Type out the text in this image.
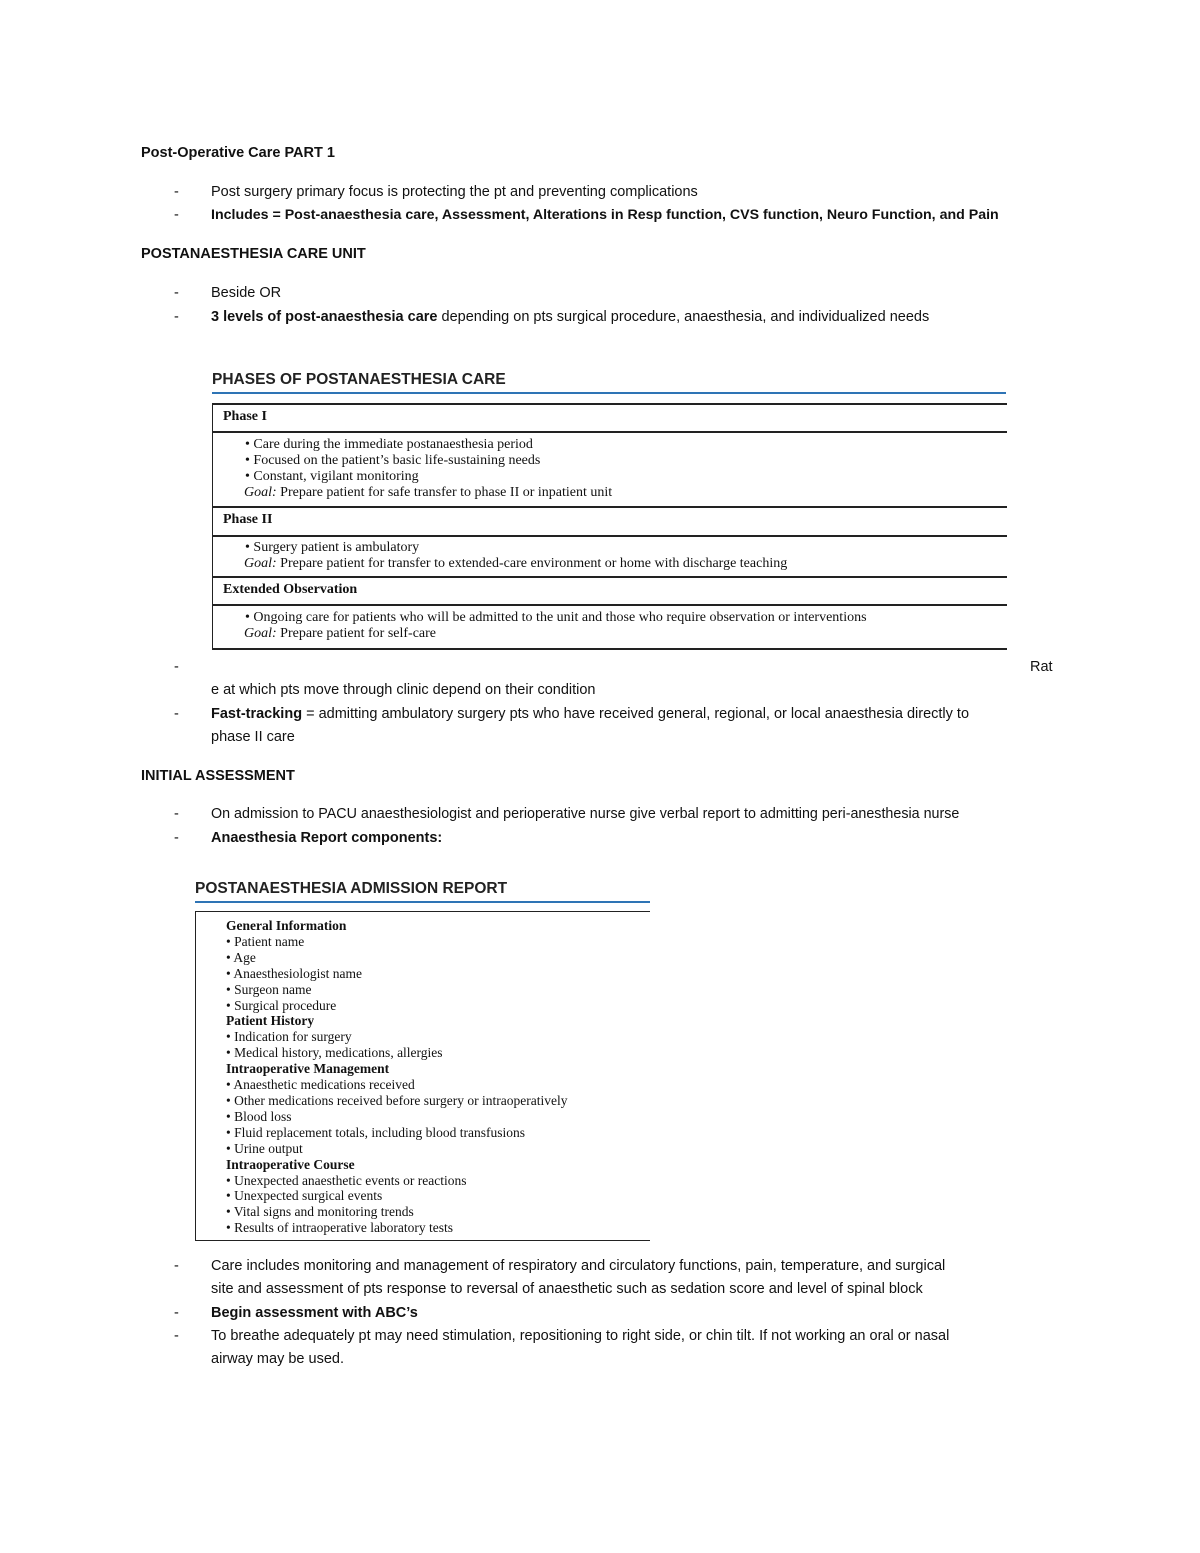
Post-Operative Care PART 1
-	Post surgery primary focus is protecting the pt and preventing complications
-	Includes = Post-anaesthesia care, Assessment, Alterations in Resp function, CVS function, Neuro Function, and Pain
POSTANAESTHESIA CARE UNIT
-	Beside OR
-	3 levels of post-anaesthesia care depending on pts surgical procedure, anaesthesia, and individualized needs
PHASES OF POSTANAESTHESIA CARE
Phase I
• Care during the immediate postanaesthesia period
• Focused on the patient’s basic life-sustaining needs
• Constant, vigilant monitoring
Goal: Prepare patient for safe transfer to phase II or inpatient unit
Phase II
• Surgery patient is ambulatory
Goal: Prepare patient for transfer to extended-care environment or home with discharge teaching
Extended Observation
• Ongoing care for patients who will be admitted to the unit and those who require observation or interventions
Goal: Prepare patient for self-care
-	Rat
e at which pts move through clinic depend on their condition
-	Fast-tracking = admitting ambulatory surgery pts who have received general, regional, or local anaesthesia directly to
phase II care
INITIAL ASSESSMENT
-	On admission to PACU anaesthesiologist and perioperative nurse give verbal report to admitting peri-anesthesia nurse
-	Anaesthesia Report components:
POSTANAESTHESIA ADMISSION REPORT
General Information
• Patient name
• Age
• Anaesthesiologist name
• Surgeon name
• Surgical procedure
Patient History
• Indication for surgery
• Medical history, medications, allergies
Intraoperative Management
• Anaesthetic medications received
• Other medications received before surgery or intraoperatively
• Blood loss
• Fluid replacement totals, including blood transfusions
• Urine output
Intraoperative Course
• Unexpected anaesthetic events or reactions
• Unexpected surgical events
• Vital signs and monitoring trends
• Results of intraoperative laboratory tests
-	Care includes monitoring and management of respiratory and circulatory functions, pain, temperature, and surgical
site and assessment of pts response to reversal of anaesthetic such as sedation score and level of spinal block
-	Begin assessment with ABC’s
-	To breathe adequately pt may need stimulation, repositioning to right side, or chin tilt. If not working an oral or nasal
airway may be used.
